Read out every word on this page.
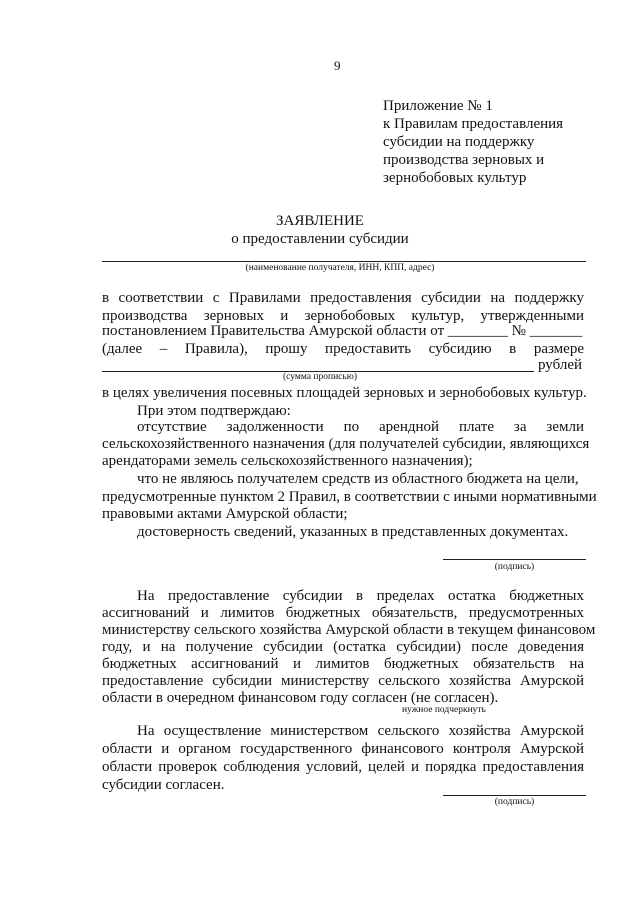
9
Приложение № 1
к Правилам предоставления
субсидии на поддержку
производства зерновых и
зернобобовых культур
ЗАЯВЛЕНИЕ
о предоставлении субсидии
(наименование получателя, ИНН, КПП, адрес)
в соответствии с Правилами предоставления субсидии на поддержку
производства зерновых и зернобобовых культур, утвержденными
постановлением Правительства Амурской области от ________ № _______
(далее – Правила), прошу предоставить субсидию в размере
рублей
(сумма прописью)
в целях увеличения посевных площадей зерновых и зернобобовых культур.
При этом подтверждаю:
отсутствие задолженности по арендной плате за земли
сельскохозяйственного назначения (для получателей субсидии, являющихся
арендаторами земель сельскохозяйственного назначения);
что не являюсь получателем средств из областного бюджета на цели,
предусмотренные пунктом 2 Правил, в соответствии с иными нормативными
правовыми актами Амурской области;
достоверность сведений, указанных в представленных документах.
(подпись)
На предоставление субсидии в пределах остатка бюджетных
ассигнований и лимитов бюджетных обязательств, предусмотренных
министерству сельского хозяйства Амурской области в текущем финансовом
году, и на получение субсидии (остатка субсидии) после доведения
бюджетных ассигнований и лимитов бюджетных обязательств на
предоставление субсидии министерству сельского хозяйства Амурской
области в очередном финансовом году согласен (не согласен).
нужное подчеркнуть
На осуществление министерством сельского хозяйства Амурской
области и органом государственного финансового контроля Амурской
области проверок соблюдения условий, целей и порядка предоставления
субсидии согласен.
(подпись)
